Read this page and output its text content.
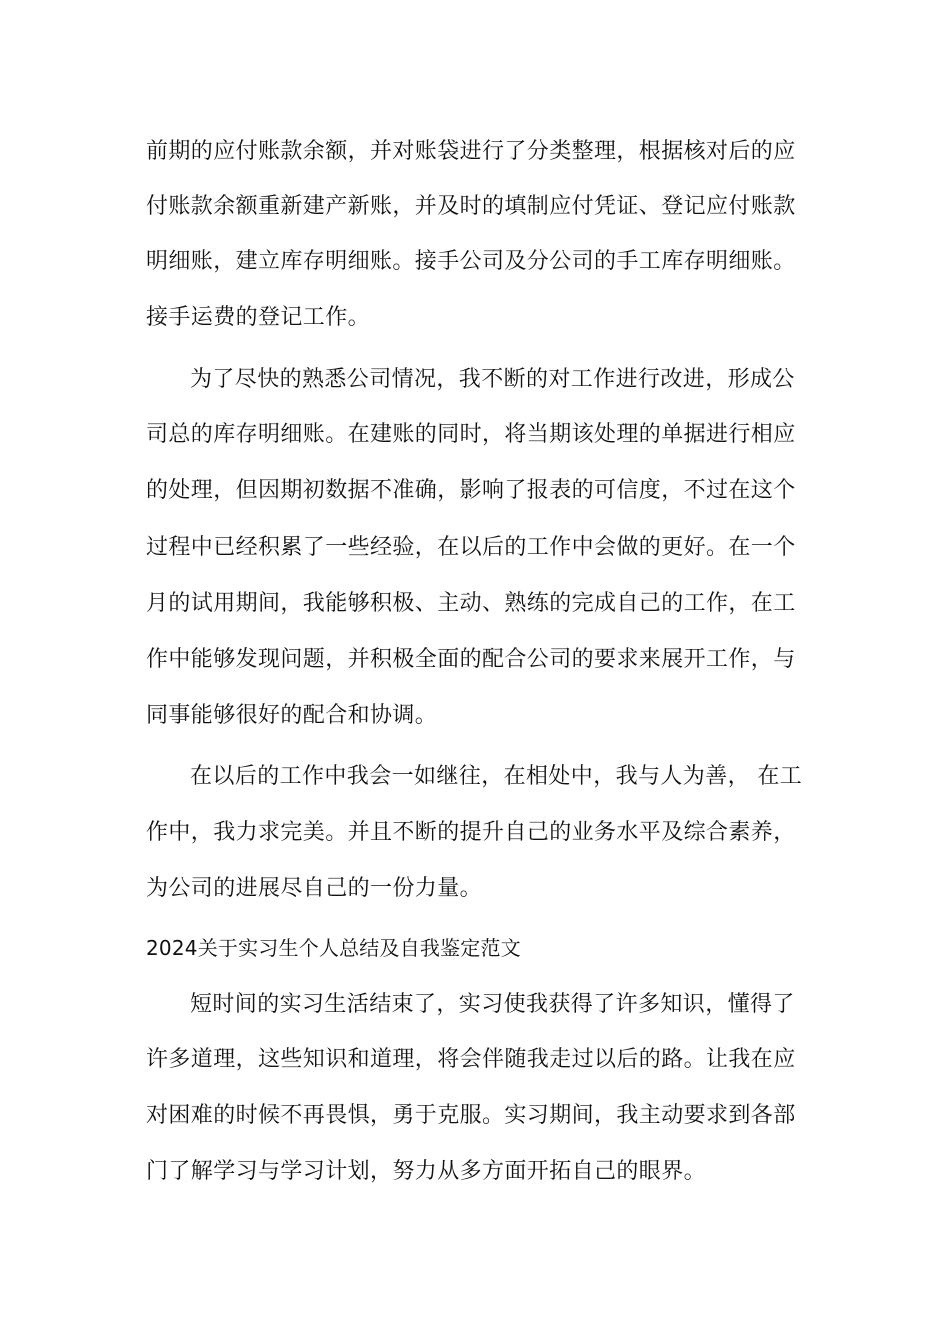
前期的应付账款余额，并对账袋进行了分类整理，根据核对后的应
付账款余额重新建产新账，并及时的填制应付凭证、登记应付账款
明细账，建立库存明细账。接手公司及分公司的手工库存明细账。
接手运费的登记工作。
为了尽快的熟悉公司情况，我不断的对工作进行改进，形成公
司总的库存明细账。在建账的同时，将当期该处理的单据进行相应
的处理，但因期初数据不准确，影响了报表的可信度，不过在这个
过程中已经积累了一些经验，在以后的工作中会做的更好。在一个
月的试用期间，我能够积极、主动、熟练的完成自己的工作，在工
作中能够发现问题，并积极全面的配合公司的要求来展开工作，与
同事能够很好的配合和协调。
在以后的工作中我会一如继往，在相处中，我与人为善， 在工
作中，我力求完美。并且不断的提升自己的业务水平及综合素养，
为公司的进展尽自己的一份力量。
2024关于实习生个人总结及自我鉴定范文
短时间的实习生活结束了，实习使我获得了许多知识，懂得了
许多道理，这些知识和道理，将会伴随我走过以后的路。让我在应
对困难的时候不再畏惧，勇于克服。实习期间，我主动要求到各部
门了解学习与学习计划，努力从多方面开拓自己的眼界。
